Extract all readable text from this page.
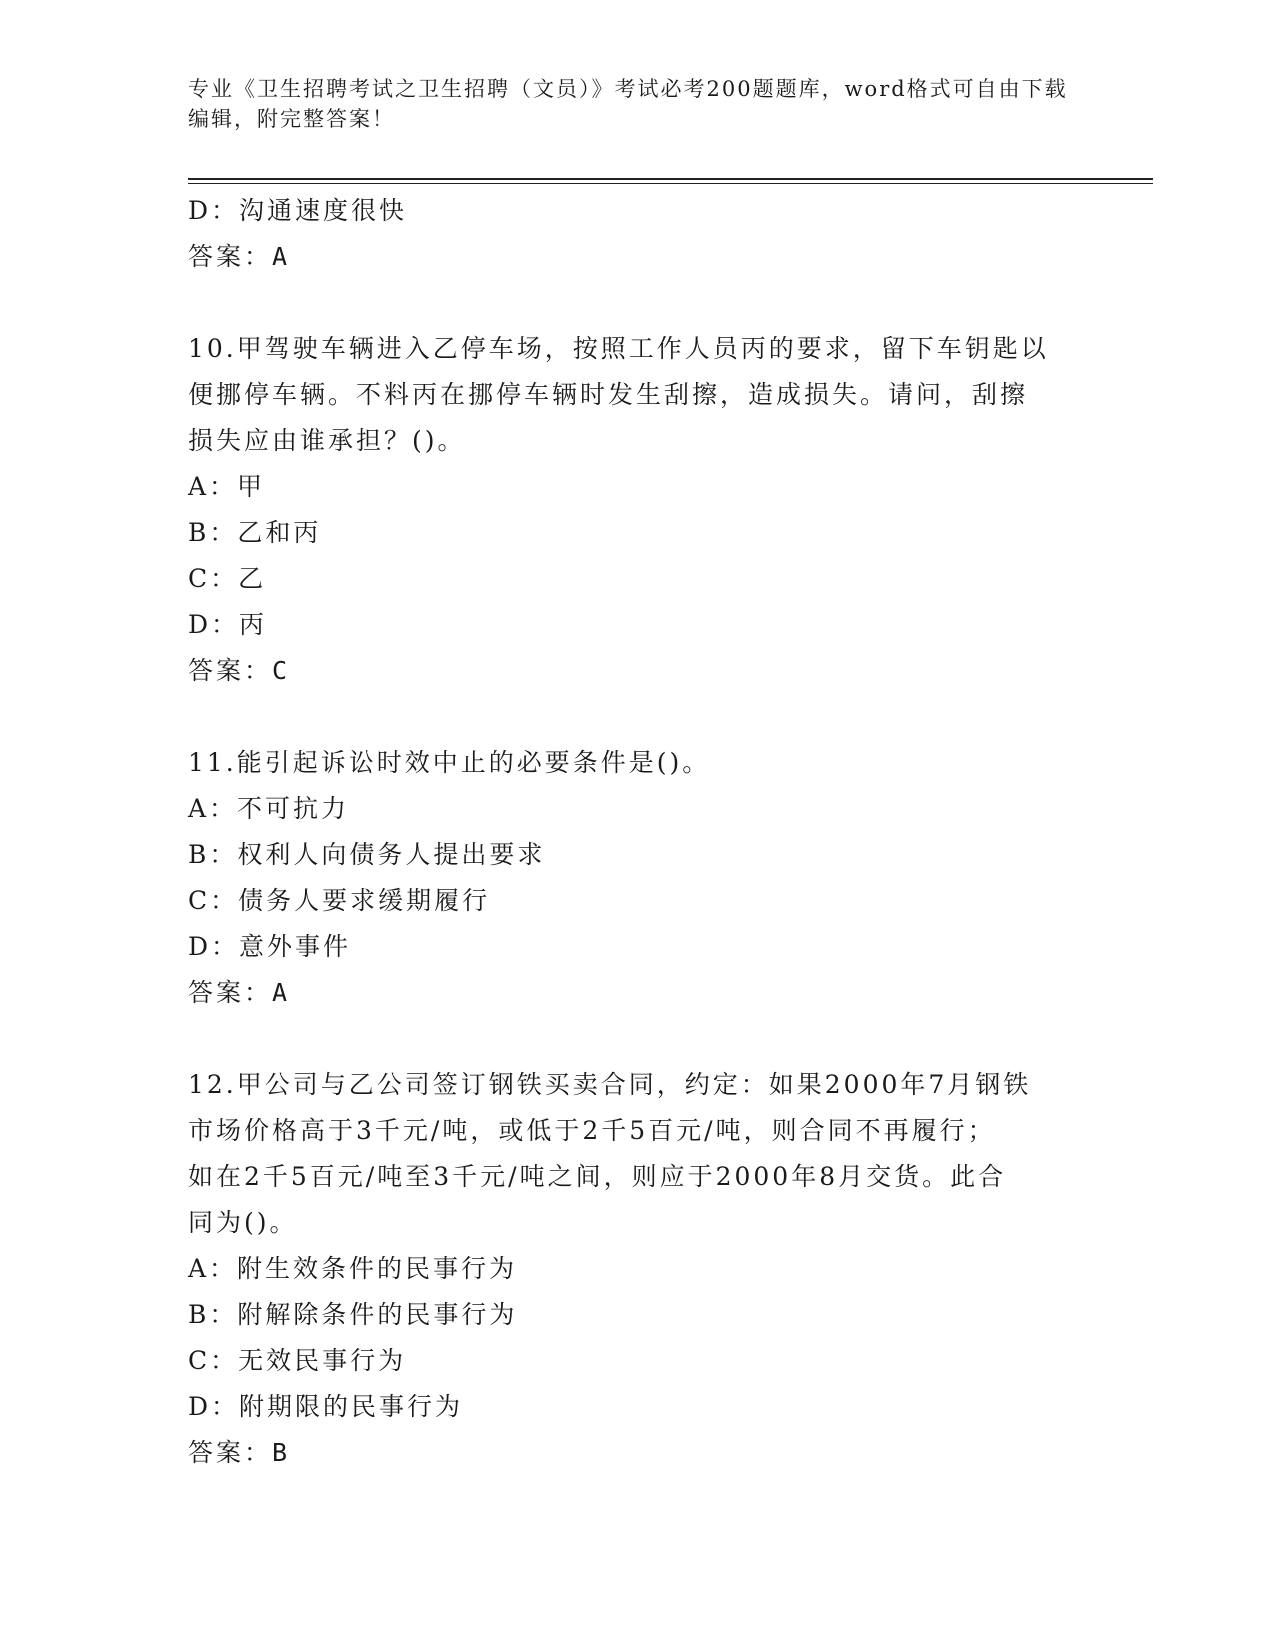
专业《卫生招聘考试之卫生招聘（文员）》考试必考200题题库，word格式可自由下载编辑，附完整答案！
D：沟通速度很快
答案：A
10.甲驾驶车辆进入乙停车场，按照工作人员丙的要求，留下车钥匙以
便挪停车辆。不料丙在挪停车辆时发生刮擦，造成损失。请问，刮擦
损失应由谁承担？()。
A：甲
B：乙和丙
C：乙
D：丙
答案：C
11.能引起诉讼时效中止的必要条件是()。
A：不可抗力
B：权利人向债务人提出要求
C：债务人要求缓期履行
D：意外事件
答案：A
12.甲公司与乙公司签订钢铁买卖合同，约定：如果2000年7月钢铁
市场价格高于3千元/吨，或低于2千5百元/吨，则合同不再履行；
如在2千5百元/吨至3千元/吨之间，则应于2000年8月交货。此合
同为()。
A：附生效条件的民事行为
B：附解除条件的民事行为
C：无效民事行为
D：附期限的民事行为
答案：B
